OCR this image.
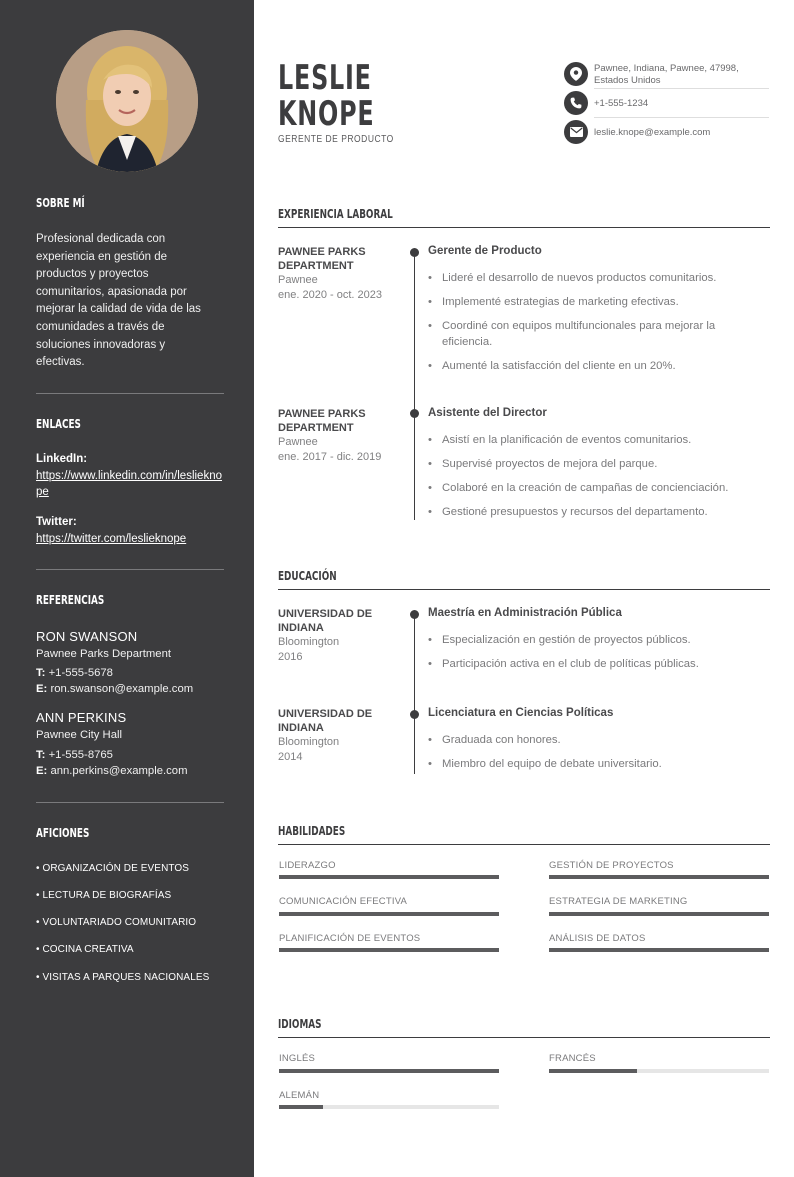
SOBRE MÍ
Profesional dedicada con experiencia en gestión de productos y proyectos comunitarios, apasionada por mejorar la calidad de vida de las comunidades a través de soluciones innovadoras y efectivas.
ENLACES
LinkedIn:
https://www.linkedin.com/in/leslieknope
Twitter:
https://twitter.com/leslieknope
REFERENCIAS
RON SWANSON
Pawnee Parks Department
T: +1-555-5678
E: ron.swanson@example.com
ANN PERKINS
Pawnee City Hall
T: +1-555-8765
E: ann.perkins@example.com
AFICIONES
• ORGANIZACIÓN DE EVENTOS
• LECTURA DE BIOGRAFÍAS
• VOLUNTARIADO COMUNITARIO
• COCINA CREATIVA
• VISITAS A PARQUES NACIONALES
LESLIE
KNOPE
GERENTE DE PRODUCTO
Pawnee, Indiana, Pawnee, 47998, Estados Unidos
+1-555-1234
leslie.knope@example.com
EXPERIENCIA LABORAL
PAWNEE PARKS DEPARTMENT
Pawnee
ene. 2020 - oct. 2023
Gerente de Producto
• Lideré el desarrollo de nuevos productos comunitarios.
• Implementé estrategias de marketing efectivas.
• Coordiné con equipos multifuncionales para mejorar la eficiencia.
• Aumenté la satisfacción del cliente en un 20%.
PAWNEE PARKS DEPARTMENT
Pawnee
ene. 2017 - dic. 2019
Asistente del Director
• Asistí en la planificación de eventos comunitarios.
• Supervisé proyectos de mejora del parque.
• Colaboré en la creación de campañas de concienciación.
• Gestioné presupuestos y recursos del departamento.
EDUCACIÓN
UNIVERSIDAD DE INDIANA
Bloomington
2016
Maestría en Administración Pública
• Especialización en gestión de proyectos públicos.
• Participación activa en el club de políticas públicas.
UNIVERSIDAD DE INDIANA
Bloomington
2014
Licenciatura en Ciencias Políticas
• Graduada con honores.
• Miembro del equipo de debate universitario.
HABILIDADES
LIDERAZGO	GESTIÓN DE PROYECTOS
COMUNICACIÓN EFECTIVA	ESTRATEGIA DE MARKETING
PLANIFICACIÓN DE EVENTOS	ANÁLISIS DE DATOS
IDIOMAS
INGLÉS	FRANCÉS
ALEMÁN
